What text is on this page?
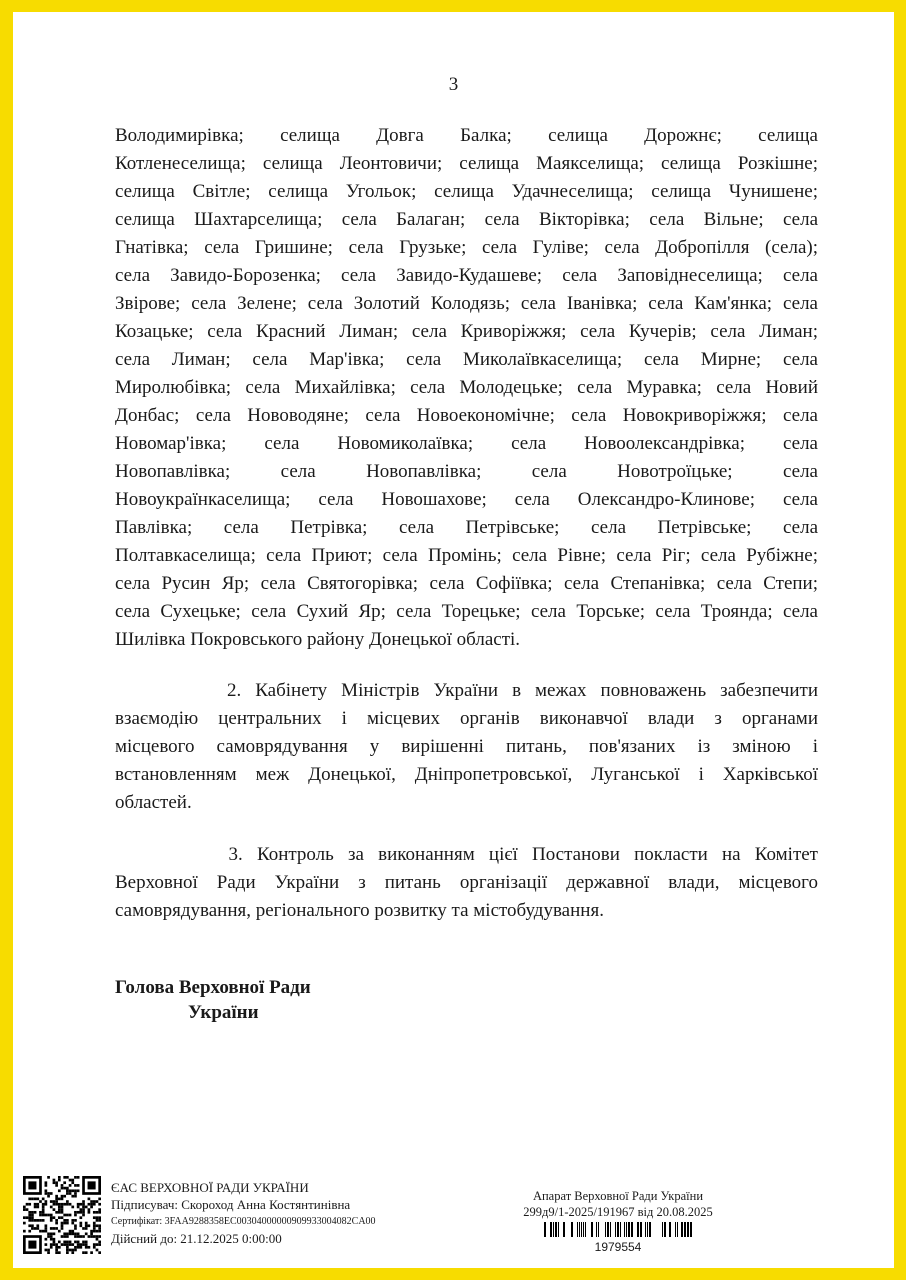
3
Володимирівка; селища Довга Балка; селища Дорожнє; селища
Котленеселища; селища Леонтовичи; селища Маякселища; селища Розкішне;
селища Світле; селища Угольок; селища Удачнеселища; селища Чунишене;
селища Шахтарселища; села Балаган; села Вікторівка; села Вільне; села
Гнатівка; села Гришине; села Грузьке; села Гуліве; села Добропілля (села);
села Завидо-Борозенка; села Завидо-Кудашеве; села Заповіднеселища; села
Звірове; села Зелене; села Золотий Колодязь; села Іванівка; села Кам'янка; села
Козацьке; села Красний Лиман; села Криворіжжя; села Кучерів; села Лиман;
села Лиман; села Мар'івка; села Миколаївкаселища; села Мирне; села
Миролюбівка; села Михайлівка; села Молодецьке; села Муравка; села Новий
Донбас; села Нововодяне; села Новоекономічне; села Новокриворіжжя; села
Новомар'івка; села Новомиколаївка; села Новоолександрівка; села
Новопавлівка; села Новопавлівка; села Новотроїцьке; села
Новоукраїнкаселища; села Новошахове; села Олександро-Клинове; села
Павлівка; села Петрівка; села Петрівське; села Петрівське; села
Полтавкаселища; села Приют; села Промінь; села Рівне; села Ріг; села Рубіжне;
села Русин Яр; села Святогорівка; села Софіївка; села Степанівка; села Степи;
села Сухецьке; села Сухий Яр; села Торецьке; села Торське; села Троянда; села
Шилівка Покровського району Донецької області.
2. Кабінету Міністрів України в межах повноважень забезпечити
взаємодію центральних і місцевих органів виконавчої влади з органами
місцевого самоврядування у вирішенні питань, пов'язаних із зміною і
встановленням меж Донецької, Дніпропетровської, Луганської і Харківської
областей.
3. Контроль за виконанням цієї Постанови покласти на Комітет
Верховної Ради України з питань організації державної влади, місцевого
самоврядування, регіонального розвитку та містобудування.
Голова Верховної Ради
України
ЄАС ВЕРХОВНОЇ РАДИ УКРАЇНИ
Підписувач: Скороход Анна Костянтинівна
Сертифікат: 3FAA9288358EC00304000000909933004082CA00
Дійсний до: 21.12.2025 0:00:00
Апарат Верховної Ради України
299д9/1-2025/191967 від 20.08.2025
1979554
